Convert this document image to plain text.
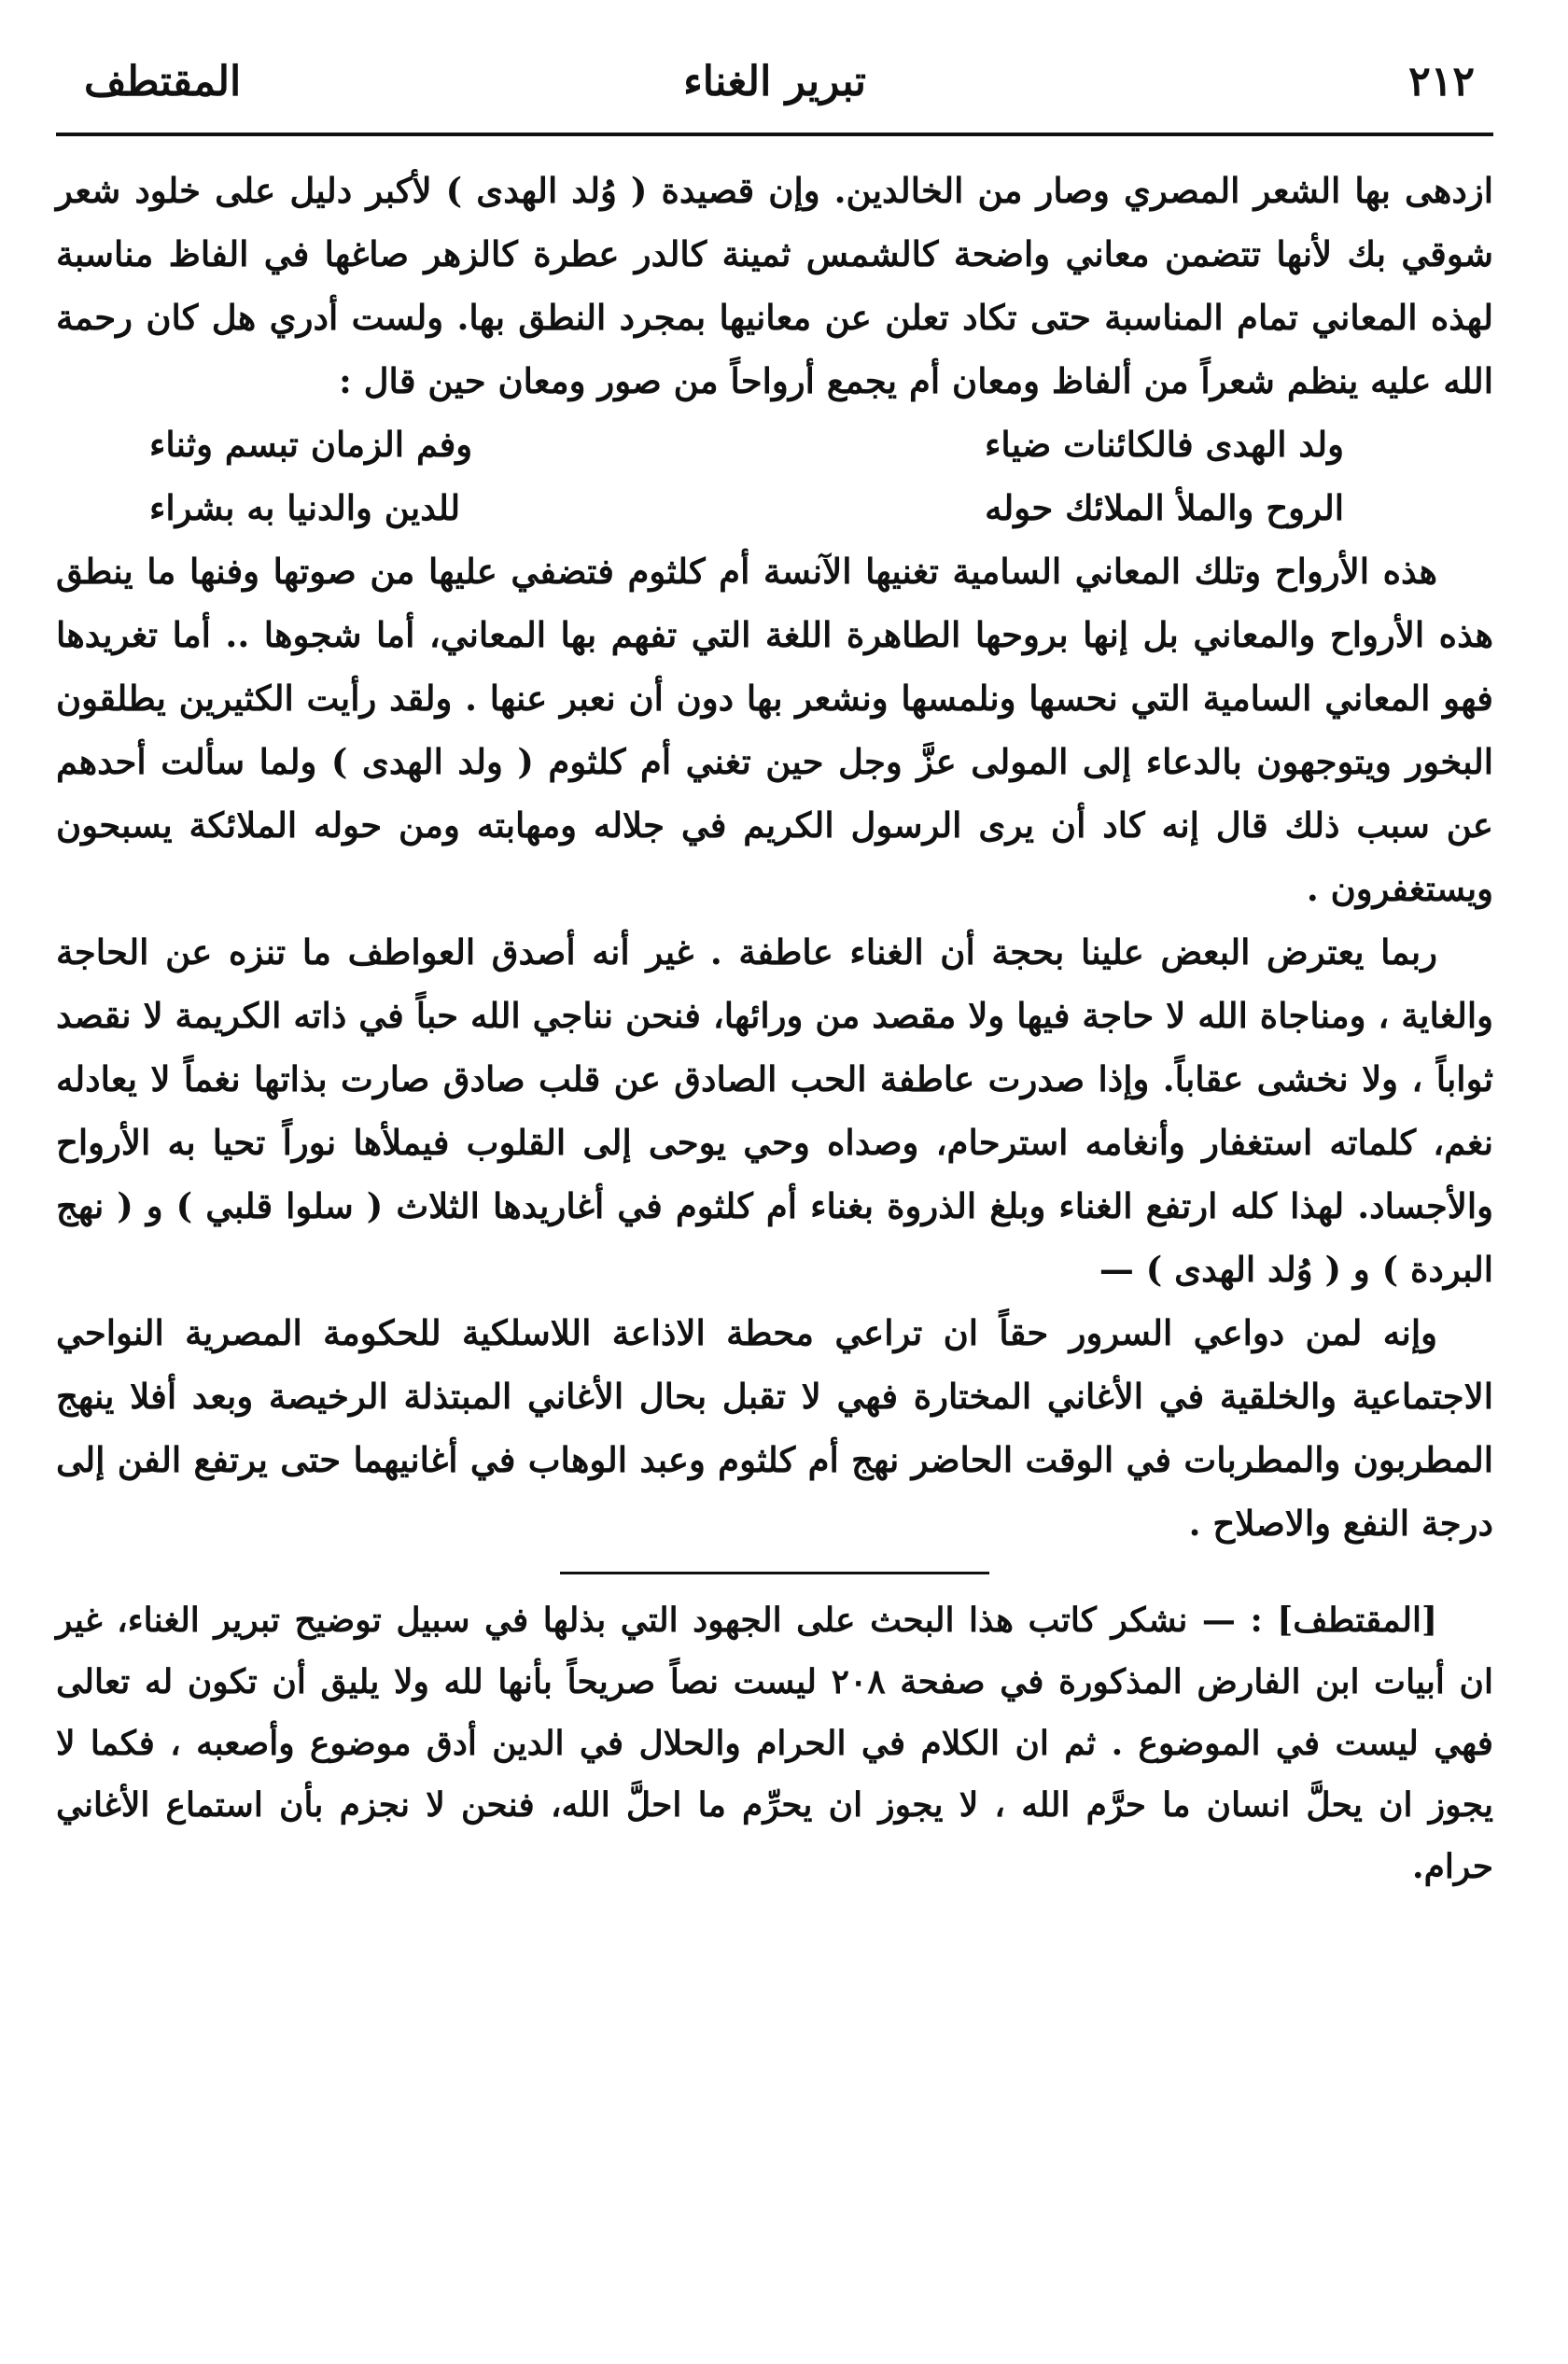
٢١٢
تبرير الغناء
المقتطف

ازدهى بها الشعر المصري وصار من الخالدين. وإن قصيدة ( وُلد الهدى ) لأكبر دليل على خلود شعر شوقي بك لأنها تتضمن معاني واضحة كالشمس ثمينة كالدر عطرة كالزهر صاغها في الفاظ مناسبة لهذه المعاني تمام المناسبة حتى تكاد تعلن عن معانيها بمجرد النطق بها. ولست أدري هل كان رحمة الله عليه ينظم شعراً من ألفاظ ومعان أم يجمع أرواحاً من صور ومعان حين قال :

ولد الهدى فالكائنات ضياء
وفم الزمان تبسم وثناء
الروح والملأ الملائك حوله
للدين والدنيا به بشراء

هذه الأرواح وتلك المعاني السامية تغنيها الآنسة أم كلثوم فتضفي عليها من صوتها وفنها ما ينطق هذه الأرواح والمعاني بل إنها بروحها الطاهرة اللغة التي تفهم بها المعاني، أما شجوها .. أما تغريدها فهو المعاني السامية التي نحسها ونلمسها ونشعر بها دون أن نعبر عنها . ولقد رأيت الكثيرين يطلقون البخور ويتوجهون بالدعاء إلى المولى عزَّ وجل حين تغني أم كلثوم ( ولد الهدى ) ولما سألت أحدهم عن سبب ذلك قال إنه كاد أن يرى الرسول الكريم في جلاله ومهابته ومن حوله الملائكة يسبحون ويستغفرون .

ربما يعترض البعض علينا بحجة أن الغناء عاطفة . غير أنه أصدق العواطف ما تنزه عن الحاجة والغاية ، ومناجاة الله لا حاجة فيها ولا مقصد من ورائها، فنحن نناجي الله حباً في ذاته الكريمة لا نقصد ثواباً ، ولا نخشى عقاباً. وإذا صدرت عاطفة الحب الصادق عن قلب صادق صارت بذاتها نغماً لا يعادله نغم، كلماته استغفار وأنغامه استرحام، وصداه وحي يوحى إلى القلوب فيملأها نوراً تحيا به الأرواح والأجساد. لهذا كله ارتفع الغناء وبلغ الذروة بغناء أم كلثوم في أغاريدها الثلاث ( سلوا قلبي ) و ( نهج البردة ) و ( وُلد الهدى ) —

وإنه لمن دواعي السرور حقاً ان تراعي محطة الاذاعة اللاسلكية للحكومة المصرية النواحي الاجتماعية والخلقية في الأغاني المختارة فهي لا تقبل بحال الأغاني المبتذلة الرخيصة وبعد أفلا ينهج المطربون والمطربات في الوقت الحاضر نهج أم كلثوم وعبد الوهاب في أغانيهما حتى يرتفع الفن إلى درجة النفع والاصلاح .

[المقتطف] : — نشكر كاتب هذا البحث على الجهود التي بذلها في سبيل توضيح تبرير الغناء، غير ان أبيات ابن الفارض المذكورة في صفحة ٢٠٨ ليست نصاً صريحاً بأنها لله ولا يليق أن تكون له تعالى فهي ليست في الموضوع . ثم ان الكلام في الحرام والحلال في الدين أدق موضوع وأصعبه ، فكما لا يجوز ان يحلَّ انسان ما حرَّم الله ، لا يجوز ان يحرِّم ما احلَّ الله، فنحن لا نجزم بأن استماع الأغاني حرام.
